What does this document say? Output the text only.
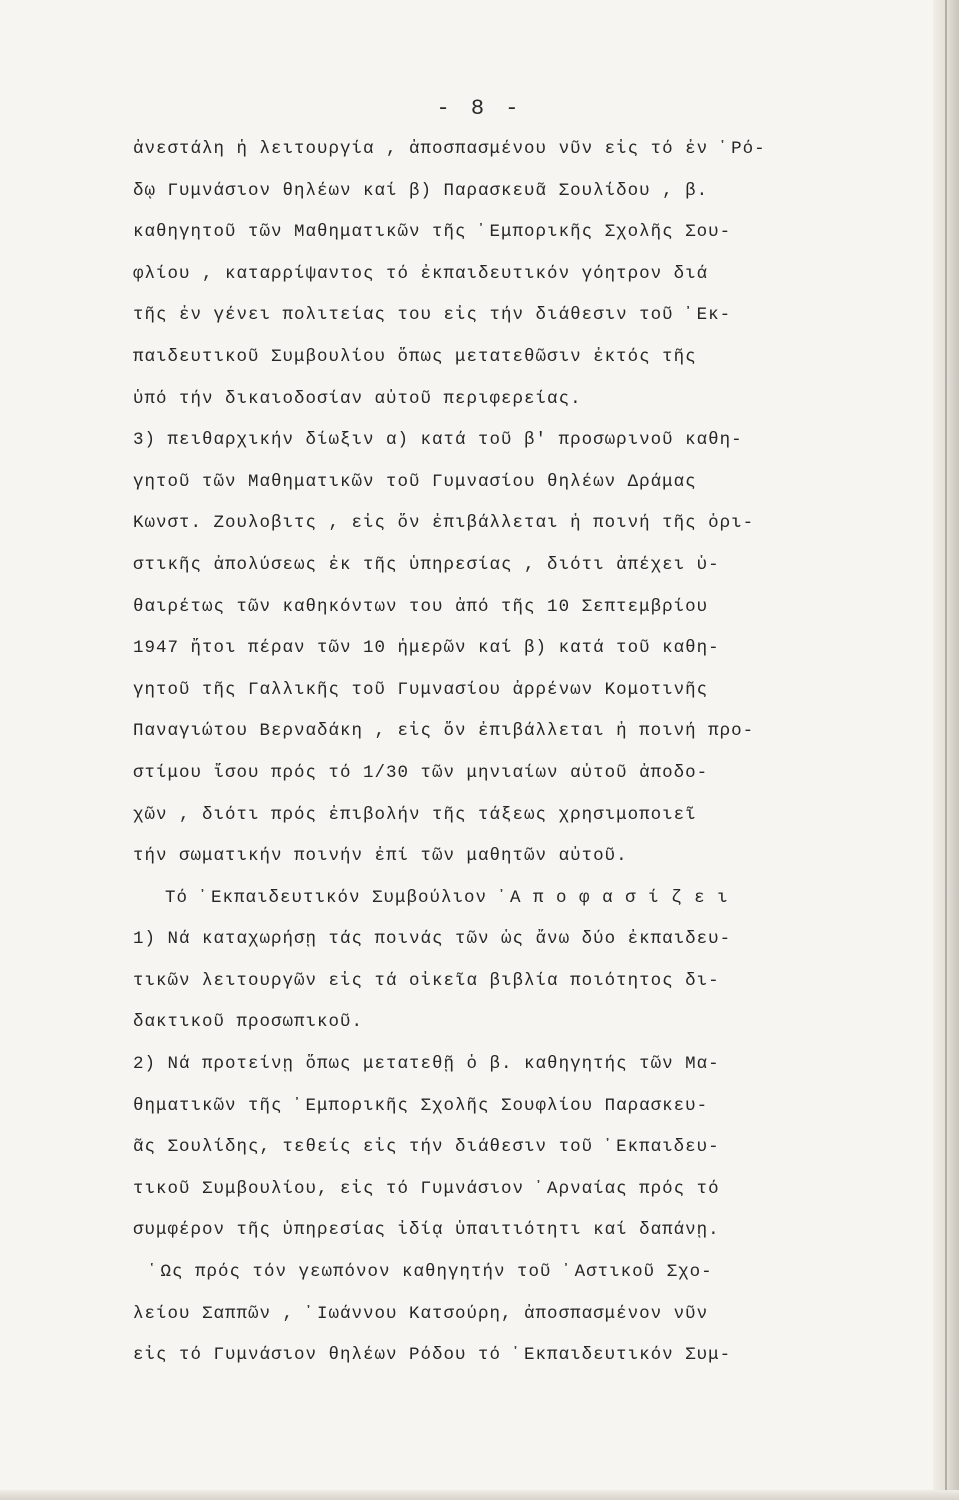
- 8 -
ἀνεστάλη ἡ λειτουργία , ἀποσπασμένου νῦν εἰς τό ἐν ῾Ρό-
δῳ Γυμνάσιον θηλέων καί β) Παρασκευᾶ Σουλίδου , β.
καθηγητοῦ τῶν Μαθηματικῶν τῆς ᾿Εμπορικῆς Σχολῆς Σου-
φλίου , καταρρίψαντος τό ἐκπαιδευτικόν γόητρον διά
τῆς ἐν γένει πολιτείας του εἰς τήν διάθεσιν τοῦ ᾿Εκ-
παιδευτικοῦ Συμβουλίου ὅπως μετατεθῶσιν ἐκτός τῆς
ὑπό τήν δικαιοδοσίαν αὐτοῦ περιφερείας.
3) πειθαρχικήν δίωξιν α) κατά τοῦ β' προσωρινοῦ καθη-
γητοῦ τῶν Μαθηματικῶν τοῦ Γυμνασίου θηλέων Δράμας
Κωνστ. Ζουλοβιτς , εἰς ὅν ἐπιβάλλεται ἡ ποινή τῆς ὁρι-
στικῆς ἀπολύσεως ἐκ τῆς ὑπηρεσίας , διότι ἀπέχει ὑ-
θαιρέτως τῶν καθηκόντων του ἀπό τῆς 10 Σεπτεμβρίου
1947 ἤτοι πέραν τῶν 10 ἡμερῶν καί β) κατά τοῦ καθη-
γητοῦ τῆς Γαλλικῆς τοῦ Γυμνασίου ἀρρένων Κομοτινῆς
Παναγιώτου Βερναδάκη , εἰς ὅν ἐπιβάλλεται ἡ ποινή προ-
στίμου ἴσου πρός τό 1/30 τῶν μηνιαίων αὐτοῦ ἀποδο-
χῶν , διότι πρός ἐπιβολήν τῆς τάξεως χρησιμοποιεῖ
τήν σωματικήν ποινήν ἐπί τῶν μαθητῶν αὐτοῦ.
Τό ᾿Εκπαιδευτικόν Συμβούλιον ᾿Α π ο φ α σ ί ζ ε ι
1) Νά καταχωρήσῃ τάς ποινάς τῶν ὡς ἄνω δύο ἐκπαιδευ-
τικῶν λειτουργῶν εἰς τά οἰκεῖα βιβλία ποιότητος δι-
δακτικοῦ προσωπικοῦ.
2) Νά προτείνῃ ὅπως μετατεθῇ ὁ β. καθηγητής τῶν Μα-
θηματικῶν τῆς ᾿Εμπορικῆς Σχολῆς Σουφλίου Παρασκευ-
ᾶς Σουλίδης, τεθείς εἰς τήν διάθεσιν τοῦ ᾿Εκπαιδευ-
τικοῦ Συμβουλίου, εἰς τό Γυμνάσιον ᾿Αρναίας πρός τό
συμφέρον τῆς ὑπηρεσίας ἰδίᾳ ὑπαιτιότητι καί δαπάνῃ.
῾Ως πρός τόν γεωπόνον καθηγητήν τοῦ ᾿Αστικοῦ Σχο-
λείου Σαππῶν , ᾿Ιωάννου Κατσούρη, ἀποσπασμένον νῦν
εἰς τό Γυμνάσιον θηλέων Ρόδου τό ᾿Εκπαιδευτικόν Συμ-
